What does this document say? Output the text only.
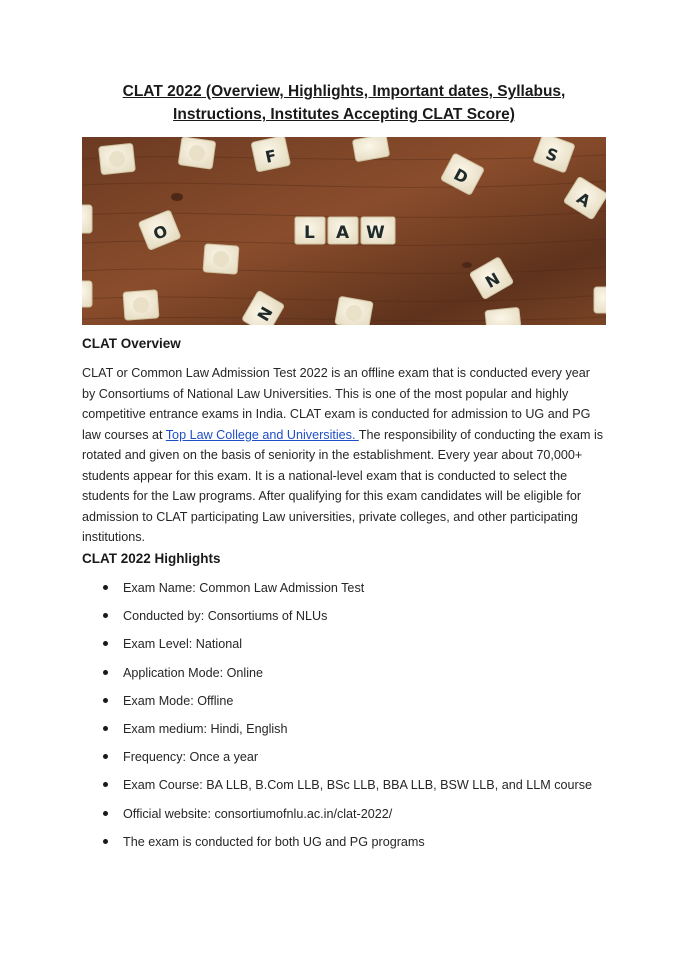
CLAT 2022 (Overview, Highlights, Important dates, Syllabus,
Instructions, Institutes Accepting CLAT Score)
F	S
D
O
N
N
A
L A W
CLAT Overview
CLAT or Common Law Admission Test 2022 is an offline exam that is conducted every year by Consortiums of National Law Universities. This is one of the most popular and highly competitive entrance exams in India. CLAT exam is conducted for admission to UG and PG law courses at Top Law College and Universities. The responsibility of conducting the exam is rotated and given on the basis of seniority in the establishment. Every year about 70,000+ students appear for this exam. It is a national-level exam that is conducted to select the students for the Law programs. After qualifying for this exam candidates will be eligible for admission to CLAT participating Law universities, private colleges, and other participating institutions.
CLAT 2022 Highlights
Exam Name: Common Law Admission Test
Conducted by: Consortiums of NLUs
Exam Level: National
Application Mode: Online
Exam Mode: Offline
Exam medium: Hindi, English
Frequency: Once a year
Exam Course: BA LLB, B.Com LLB, BSc LLB, BBA LLB, BSW LLB, and LLM course
Official website: consortiumofnlu.ac.in/clat-2022/
The exam is conducted for both UG and PG programs
